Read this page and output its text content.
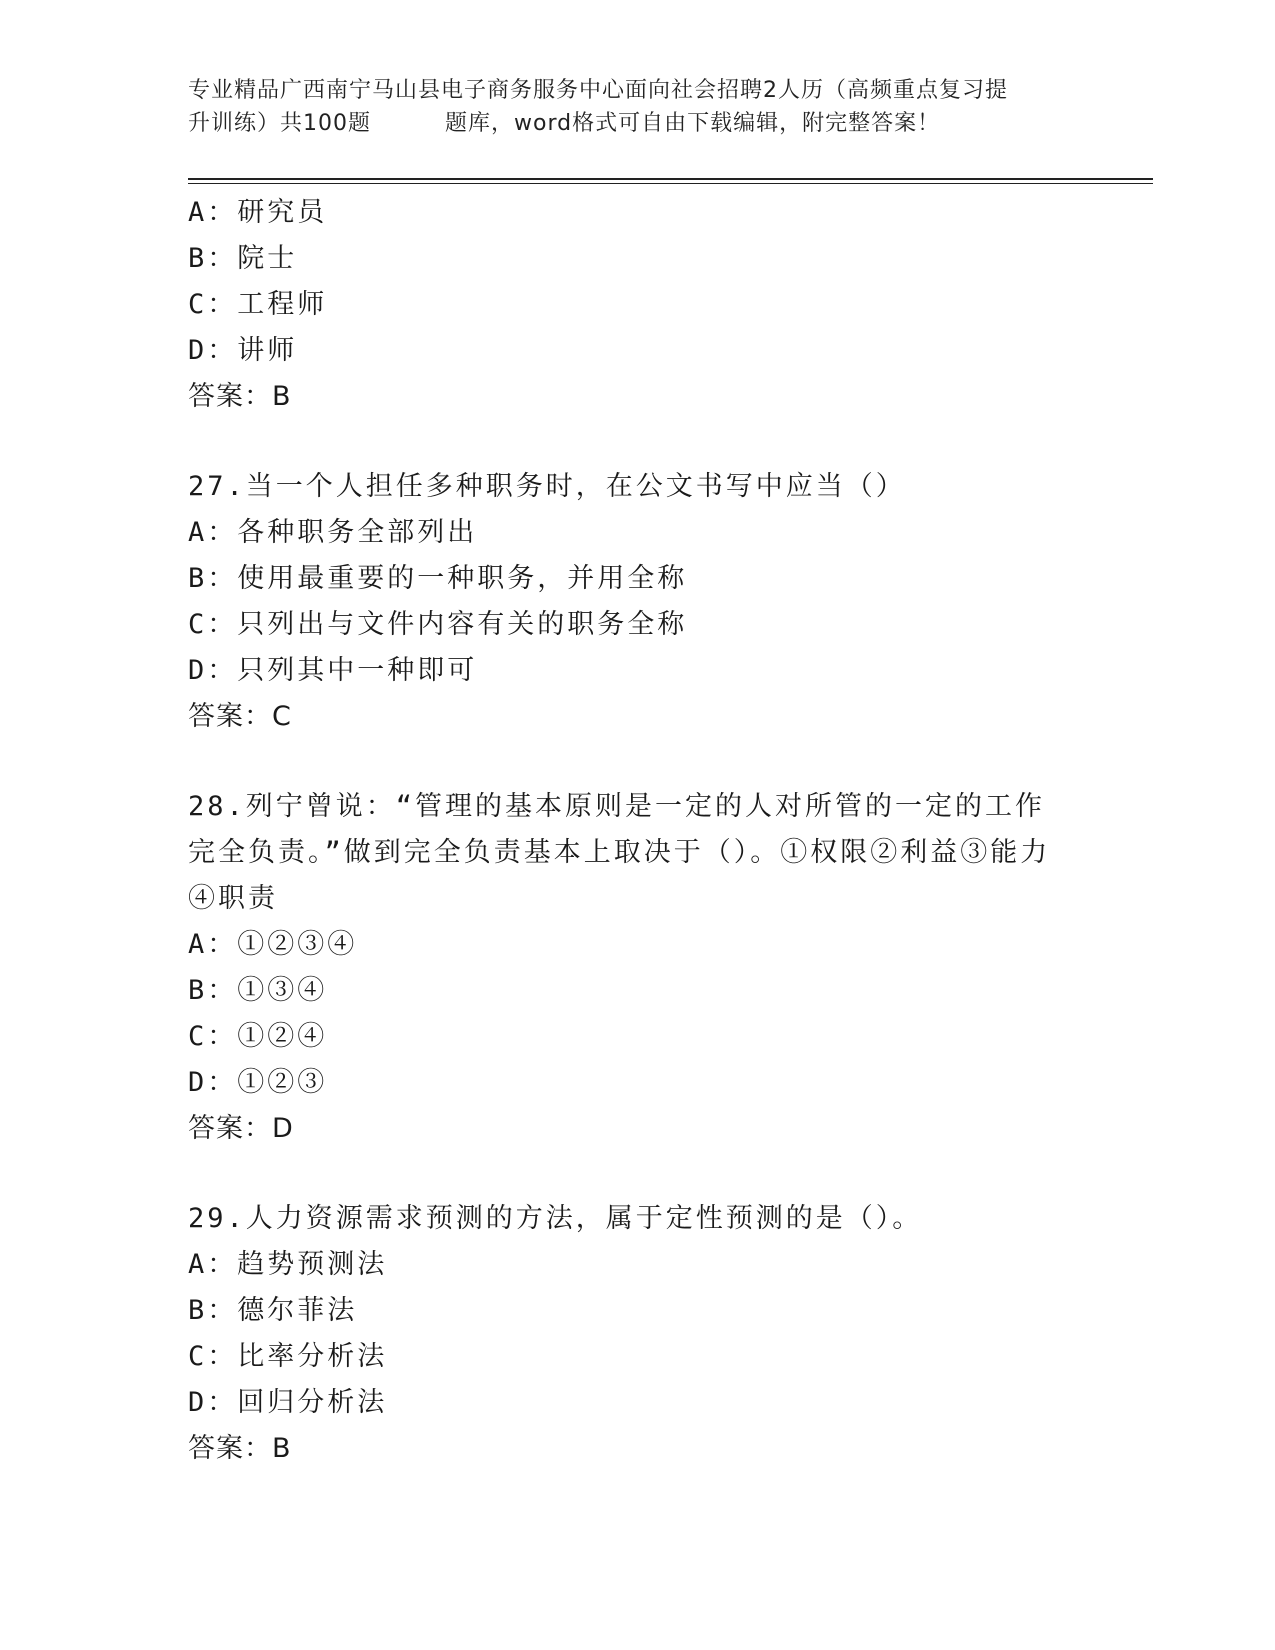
专业精品广西南宁马山县电子商务服务中心面向社会招聘2人历（高频重点复习提
升训练）共100题	题库，word格式可自由下载编辑，附完整答案！
A：研究员
B：院士
C：工程师
D：讲师
答案：B
27.当一个人担任多种职务时，在公文书写中应当（）
A：各种职务全部列出
B：使用最重要的一种职务，并用全称
C：只列出与文件内容有关的职务全称
D：只列其中一种即可
答案：C
28.列宁曾说：“管理的基本原则是一定的人对所管的一定的工作完全负责。”做到完全负责基本上取决于（）。①权限②利益③能力④职责
A：①②③④
B：①③④
C：①②④
D：①②③
答案：D
29.人力资源需求预测的方法，属于定性预测的是（）。
A：趋势预测法
B：德尔菲法
C：比率分析法
D：回归分析法
答案：B
